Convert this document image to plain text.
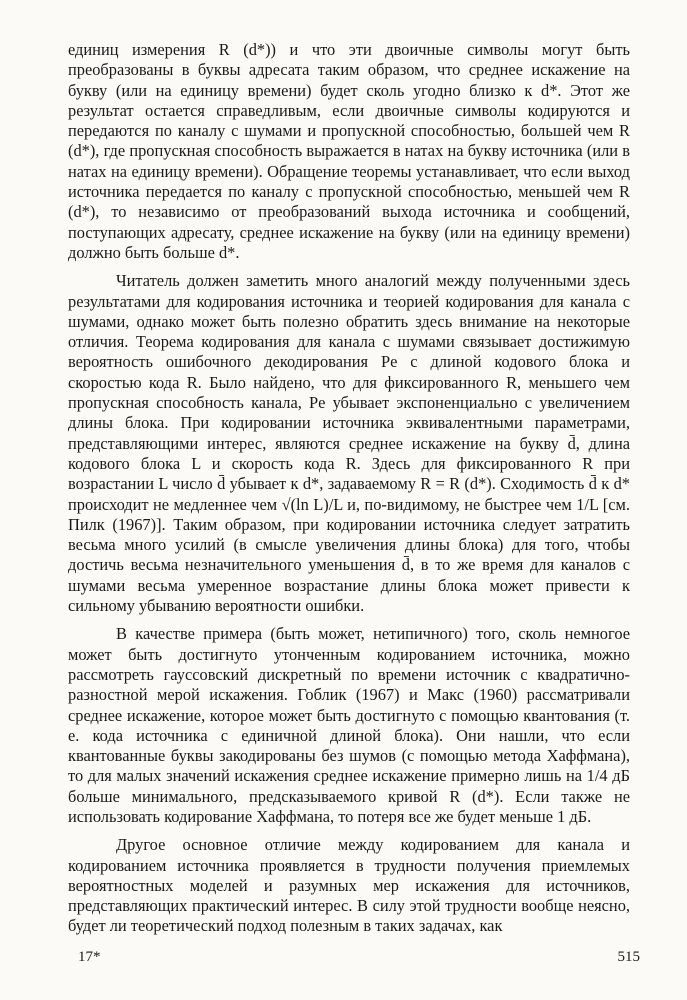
единиц измерения R (d*)) и что эти двоичные символы могут быть преобразованы в буквы адресата таким образом, что среднее искажение на букву (или на единицу времени) будет сколь угодно близко к d*. Этот же результат остается справедливым, если двоичные символы кодируются и передаются по каналу с шумами и пропускной способностью, большей чем R (d*), где пропускная способность выражается в натах на букву источника (или в натах на единицу времени). Обращение теоремы устанавливает, что если выход источника передается по каналу с пропускной способностью, меньшей чем R (d*), то независимо от преобразований выхода источника и сообщений, поступающих адресату, среднее искажение на букву (или на единицу времени) должно быть больше d*.

Читатель должен заметить много аналогий между полученными здесь результатами для кодирования источника и теорией кодирования для канала с шумами, однако может быть полезно обратить здесь внимание на некоторые отличия. Теорема кодирования для канала с шумами связывает достижимую вероятность ошибочного декодирования Pe с длиной кодового блока и скоростью кода R. Было найдено, что для фиксированного R, меньшего чем пропускная способность канала, Pe убывает экспоненциально с увеличением длины блока. При кодировании источника эквивалентными параметрами, представляющими интерес, являются среднее искажение на букву d̄, длина кодового блока L и скорость кода R. Здесь для фиксированного R при возрастании L число d̄ убывает к d*, задаваемому R = R (d*). Сходимость d̄ к d* происходит не медленнее чем √(ln L)/L и, по-видимому, не быстрее чем 1/L [см. Пилк (1967)]. Таким образом, при кодировании источника следует затратить весьма много усилий (в смысле увеличения длины блока) для того, чтобы достичь весьма незначительного уменьшения d̄, в то же время для каналов с шумами весьма умеренное возрастание длины блока может привести к сильному убыванию вероятности ошибки.

В качестве примера (быть может, нетипичного) того, сколь немногое может быть достигнуто утонченным кодированием источника, можно рассмотреть гауссовский дискретный по времени источник с квадратично-разностной мерой искажения. Гоблик (1967) и Макс (1960) рассматривали среднее искажение, которое может быть достигнуто с помощью квантования (т. е. кода источника с единичной длиной блока). Они нашли, что если квантованные буквы закодированы без шумов (с помощью метода Хаффмана), то для малых значений искажения среднее искажение примерно лишь на 1/4 дБ больше минимального, предсказываемого кривой R (d*). Если также не использовать кодирование Хаффмана, то потеря все же будет меньше 1 дБ.

Другое основное отличие между кодированием для канала и кодированием источника проявляется в трудности получения приемлемых вероятностных моделей и разумных мер искажения для источников, представляющих практический интерес. В силу этой трудности вообще неясно, будет ли теоретический подход полезным в таких задачах, как

17*	515
